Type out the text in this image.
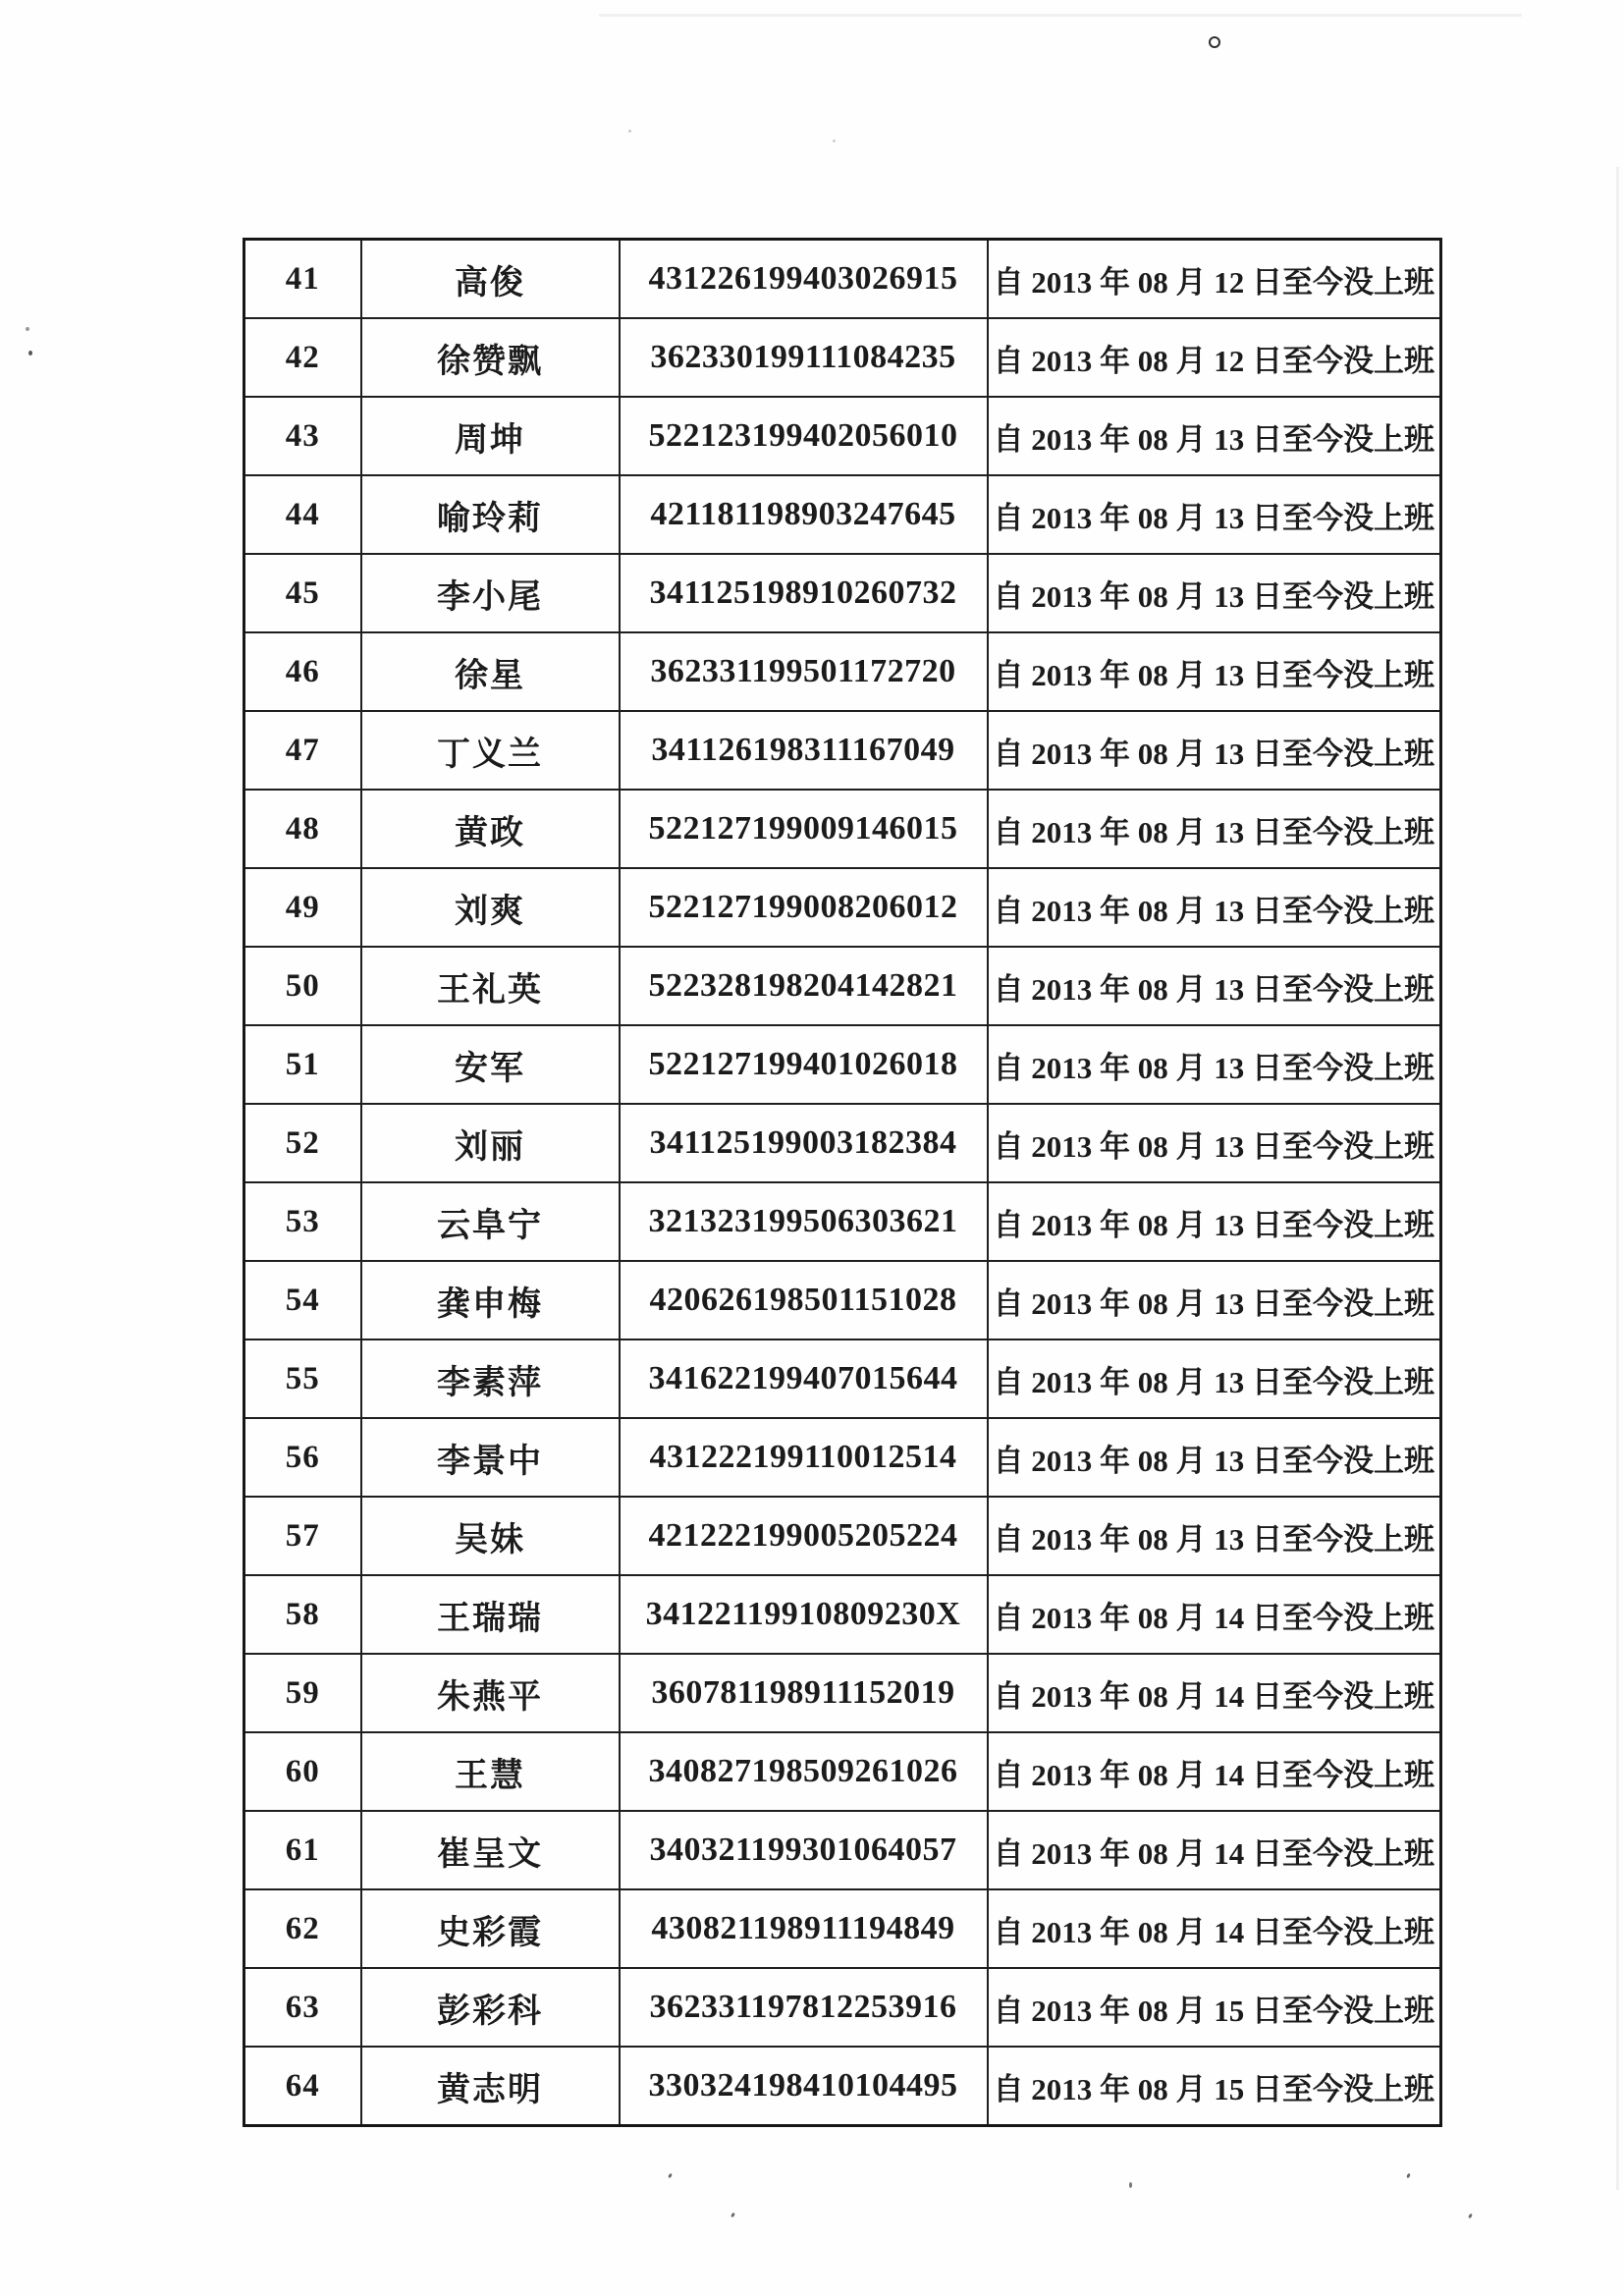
41	高俊	431226199403026915	自 2013 年 08 月 12 日至今没上班
42	徐赞飘	362330199111084235	自 2013 年 08 月 12 日至今没上班
43	周坤	522123199402056010	自 2013 年 08 月 13 日至今没上班
44	喻玲莉	421181198903247645	自 2013 年 08 月 13 日至今没上班
45	李小尾	341125198910260732	自 2013 年 08 月 13 日至今没上班
46	徐星	362331199501172720	自 2013 年 08 月 13 日至今没上班
47	丁义兰	341126198311167049	自 2013 年 08 月 13 日至今没上班
48	黄政	522127199009146015	自 2013 年 08 月 13 日至今没上班
49	刘爽	522127199008206012	自 2013 年 08 月 13 日至今没上班
50	王礼英	522328198204142821	自 2013 年 08 月 13 日至今没上班
51	安军	522127199401026018	自 2013 年 08 月 13 日至今没上班
52	刘丽	341125199003182384	自 2013 年 08 月 13 日至今没上班
53	云阜宁	321323199506303621	自 2013 年 08 月 13 日至今没上班
54	龚申梅	420626198501151028	自 2013 年 08 月 13 日至今没上班
55	李素萍	341622199407015644	自 2013 年 08 月 13 日至今没上班
56	李景中	431222199110012514	自 2013 年 08 月 13 日至今没上班
57	吴妹	421222199005205224	自 2013 年 08 月 13 日至今没上班
58	王瑞瑞	34122119910809230X	自 2013 年 08 月 14 日至今没上班
59	朱燕平	360781198911152019	自 2013 年 08 月 14 日至今没上班
60	王慧	340827198509261026	自 2013 年 08 月 14 日至今没上班
61	崔呈文	340321199301064057	自 2013 年 08 月 14 日至今没上班
62	史彩霞	430821198911194849	自 2013 年 08 月 14 日至今没上班
63	彭彩科	362331197812253916	自 2013 年 08 月 15 日至今没上班
64	黄志明	330324198410104495	自 2013 年 08 月 15 日至今没上班
